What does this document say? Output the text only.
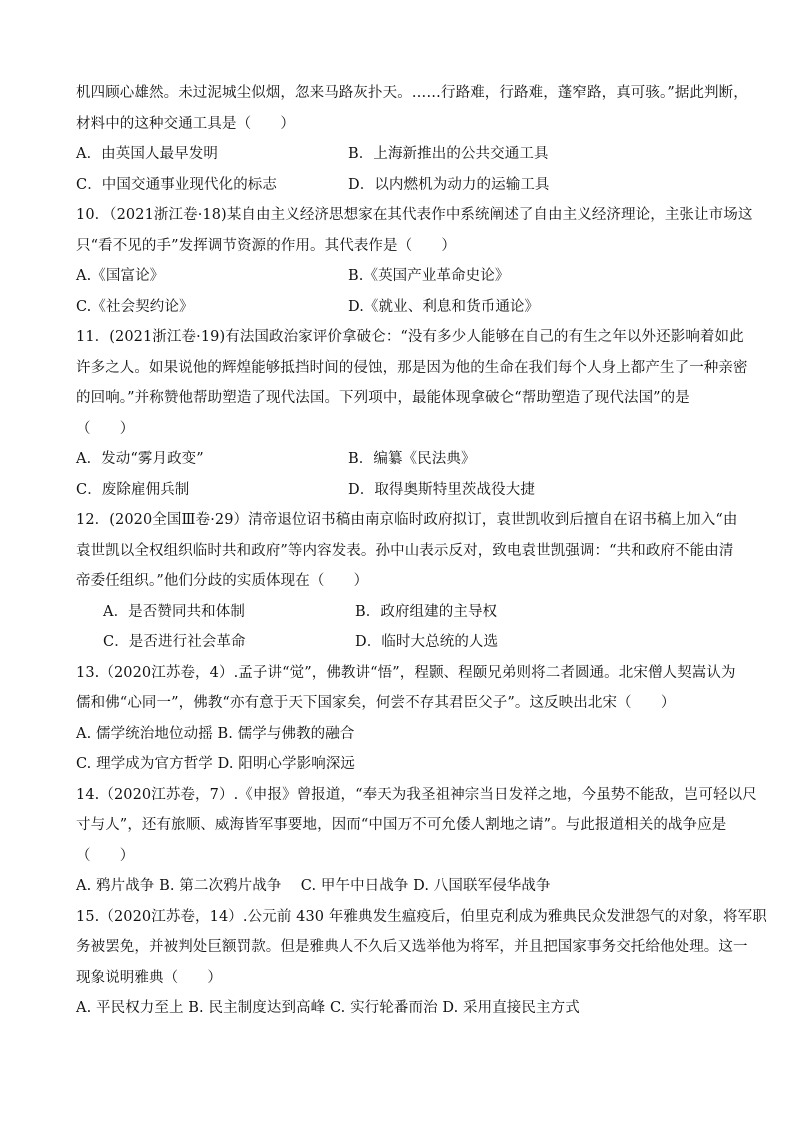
机四顾心雄然。未过泥城尘似烟，忽来马路灰扑天。……行路难，行路难，蓬窄路，真可骇。”据此判断，
材料中的这种交通工具是（　　）
A．由英国人最早发明	B．上海新推出的公共交通工具
C．中国交通事业现代化的标志	D．以内燃机为动力的运输工具
10．（2021浙江卷·18)某自由主义经济思想家在其代表作中系统阐述了自由主义经济理论，主张让市场这
只“看不见的手”发挥调节资源的作用。其代表作是（　　）
A.《国富论》	B.《英国产业革命史论》
C.《社会契约论》	D.《就业、利息和货币通论》
11．(2021浙江卷·19)有法国政治家评价拿破仑：“没有多少人能够在自己的有生之年以外还影响着如此
许多之人。如果说他的辉煌能够抵挡时间的侵蚀，那是因为他的生命在我们每个人身上都产生了一种亲密
的回响。”并称赞他帮助塑造了现代法国。下列项中，最能体现拿破仑“帮助塑造了现代法国”的是
（　　）
A．发动“雾月政变”	B．编纂《民法典》
C．废除雇佣兵制	D．取得奥斯特里茨战役大捷
12．(2020全国Ⅲ卷·29）清帝退位诏书稿由南京临时政府拟订，袁世凯收到后擅自在诏书稿上加入“由
袁世凯以全权组织临时共和政府”等内容发表。孙中山表示反对，致电袁世凯强调：“共和政府不能由清
帝委任组织。”他们分歧的实质体现在（　　）
A．是否赞同共和体制	B．政府组建的主导权
C．是否进行社会革命	D．临时大总统的人选
13.（2020江苏卷，4）.孟子讲“觉”，佛教讲“悟”，程颢、程颐兄弟则将二者圆通。北宋僧人契嵩认为
儒和佛“心同一”，佛教“亦有意于天下国家矣，何尝不存其君臣父子”。这反映出北宋（　　）
A. 儒学统治地位动摇 B. 儒学与佛教的融合
C. 理学成为官方哲学 D. 阳明心学影响深远
14.（2020江苏卷，7）.《申报》曾报道，“奉天为我圣祖神宗当日发祥之地，今虽势不能敌，岂可轻以尺
寸与人”，还有旅顺、威海皆军事要地，因而“中国万不可允倭人割地之请”。与此报道相关的战争应是
（　　）
A. 鸦片战争 B. 第二次鸦片战争　 C. 甲午中日战争 D. 八国联军侵华战争
15.（2020江苏卷，14）.公元前 430 年雅典发生瘟疫后，伯里克利成为雅典民众发泄怨气的对象，将军职
务被罢免，并被判处巨额罚款。但是雅典人不久后又选举他为将军，并且把国家事务交托给他处理。这一
现象说明雅典（　　）
A. 平民权力至上 B. 民主制度达到高峰 C. 实行轮番而治 D. 采用直接民主方式
